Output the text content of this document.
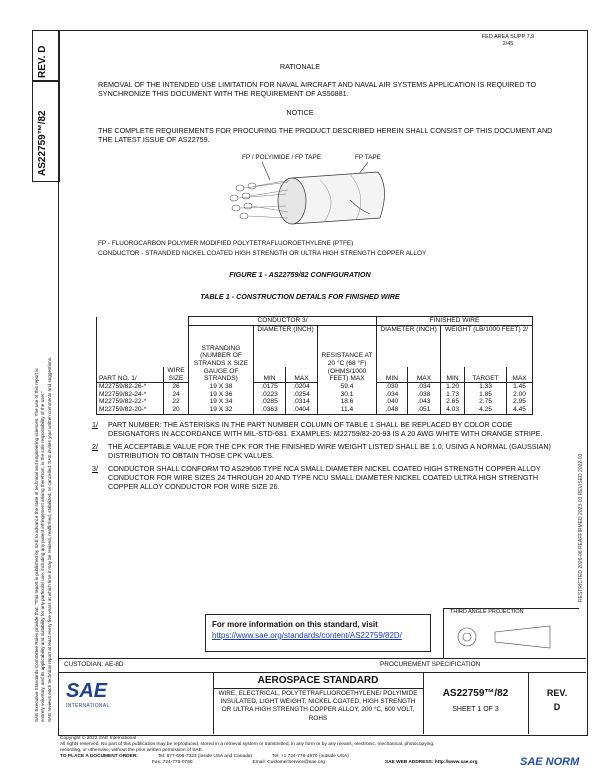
REV. D
AS22759™/82
SAE Executive Standards Committee Rules provide that: "This report is published by SAE to advance the state of technical and engineering sciences. The use of this report is entirely voluntary, and its applicability and suitability for any particular use, including any patent infringement arising therefrom, is the sole responsibility of the user." SAE reviews each technical report at least every five years at which time it may be revised, reaffirmed, stabilized, or cancelled. SAE invites your written comments and suggestions.	RESTRICTED 2026-06 REAFFIRMED 2023-03 REVISED 2022-03
FED AREA SUPP 7,9
2/45
RATIONALE
REMOVAL OF THE INTENDED USE LIMITATION FOR NAVAL AIRCRAFT AND NAVAL AIR SYSTEMS APPLICATION IS REQUIRED TO SYNCHRONIZE THIS DOCUMENT WITH THE REQUIREMENT OF AS50881.
NOTICE
THE COMPLETE REQUIREMENTS FOR PROCURING THE PRODUCT DESCRIBED HEREIN SHALL CONSIST OF THIS DOCUMENT AND THE LATEST ISSUE OF AS22759.
FP / POLYIMIDE / FP TAPE	FP TAPE
FP - FLUOROCARBON POLYMER MODIFIED POLYTETRAFLUOROETHYLENE (PTFE)
CONDUCTOR - STRANDED NICKEL COATED HIGH STRENGTH OR ULTRA HIGH STRENGTH COPPER ALLOY
FIGURE 1 - AS22759/82 CONFIGURATION
TABLE 1 - CONSTRUCTION DETAILS FOR FINISHED WIRE
		CONDUCTOR 3/				FINISHED WIRE				
		STRANDING (NUMBER OF STRANDS X SIZE GAUGE OF STRANDS)	DIAMETER (INCH)		RESISTANCE AT 20 °C (68 °F) (OHMS/1000 FEET) MAX	DIAMETER (INCH)		WEIGHT (LB/1000 FEET) 2/		
PART NO. 1/	WIRE SIZE		MIN	MAX		MIN	MAX	MIN	TARGET	MAX
M22759/82-26-*	26	19 X 38	.0175	.0204	59.4	.030	.034	1.20	1.33	1.45
M22759/82-24-*	24	19 X 36	.0223	.0254	30.1	.034	.038	1.73	1.85	2.00
M22759/82-22-*	22	19 X 34	.0285	.0314	18.6	.040	.043	2.65	2.75	2.95
M22759/82-20-*	20	19 X 32	.0363	.0404	11.4	.048	.051	4.03	4.25	4.45
1/	PART NUMBER: THE ASTERISKS IN THE PART NUMBER COLUMN OF TABLE 1 SHALL BE REPLACED BY COLOR CODE DESIGNATORS IN ACCORDANCE WITH MIL-STD-681. EXAMPLES: M22759/82-20-93 IS A 20 AWG WHITE WITH ORANGE STRIPE.
2/	THE ACCEPTABLE VALUE FOR THE CPK FOR THE FINISHED WIRE WEIGHT LISTED SHALL BE 1.0, USING A NORMAL (GAUSSIAN) DISTRIBUTION TO OBTAIN THOSE CPK VALUES.
3/	CONDUCTOR SHALL CONFORM TO AS29606 TYPE NCA SMALL DIAMETER NICKEL COATED HIGH STRENGTH COPPER ALLOY CONDUCTOR FOR WIRE SIZES 24 THROUGH 20 AND TYPE NCU SMALL DIAMETER NICKEL COATED ULTRA HIGH STRENGTH COPPER ALLOY CONDUCTOR FOR WIRE SIZE 26.
For more information on this standard, visit
https://www.sae.org/standards/content/AS22759/82D/
THIRD ANGLE PROJECTION
CUSTODIAN: AE-8D	PROCUREMENT SPECIFICATION
SAE
INTERNATIONAL
AEROSPACE STANDARD
WIRE, ELECTRICAL, POLYTETRAFLUOROETHYLENE/ POLYIMIDE INSULATED, LIGHT WEIGHT, NICKEL COATED, HIGH STRENGTH OR ULTRA HIGH STRENGTH COPPER ALLOY, 200 °C, 600 VOLT, ROHS
AS22759™/82
SHEET 1 OF 3
REV.
D
Copyright © 2022 SAE International
All rights reserved. No part of this publication may be reproduced, stored in a retrieval system or transmitted, in any form or by any means, electronic, mechanical, photocopying,
recording, or otherwise, without the prior written permission of SAE.
TO PLACE A DOCUMENT ORDER:	Tel: 877-606-7323 (inside USA and Canada)	Tel: +1 724-776-4970 (outside USA)
Fax: 724-776-0790	Email: CustomerService@sae.org	SAE WEB ADDRESS: http://www.sae.org	SAE NORM
